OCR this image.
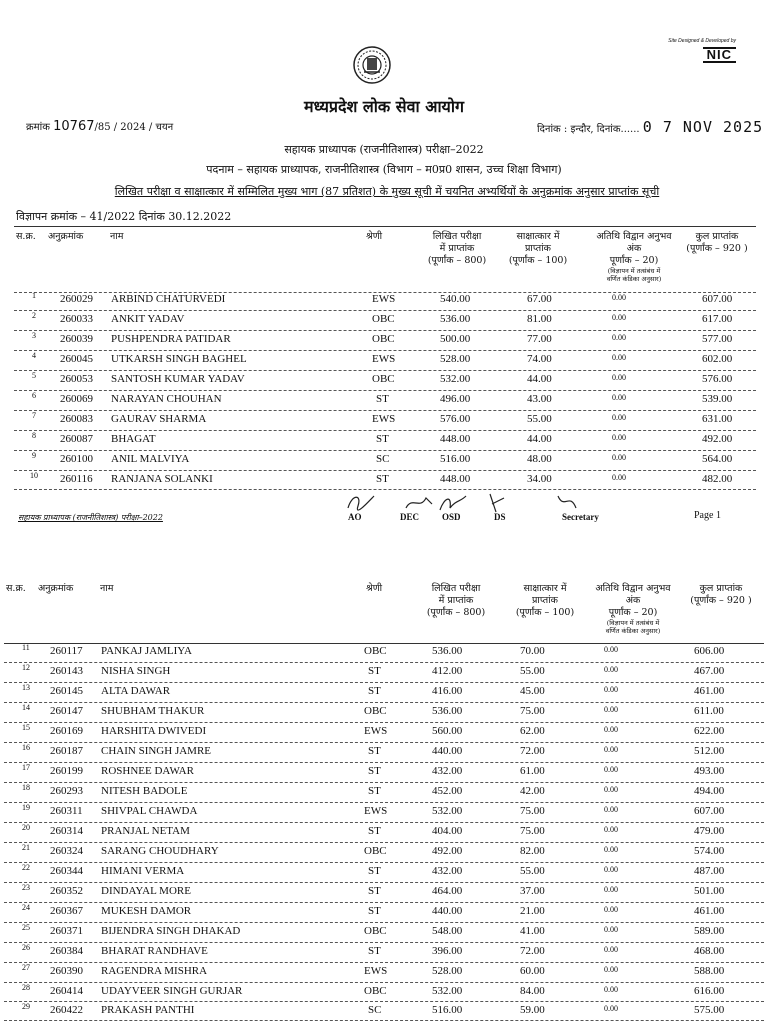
Site Designed & Developed by
NIC
मध्यप्रदेश लोक सेवा आयोग
क्रमांक 10767/85 / 2024 / चयन	दिनांक : इन्दौर, दिनांक...... 0 7 NOV 2025
सहायक प्राध्यापक (राजनीतिशास्त्र) परीक्षा–2022
पदनाम – सहायक प्राध्यापक, राजनीतिशास्त्र (विभाग – म0प्र0 शासन, उच्च शिक्षा विभाग)
लिखित परीक्षा व साक्षात्कार में सम्मिलित मुख्य भाग (87 प्रतिशत) के मुख्य सूची में चयनित अभ्यर्थियों के अनुक्रमांक अनुसार प्राप्तांक सूची
विज्ञापन क्रमांक – 41/2022 दिनांक 30.12.2022
स.क्र. अनुक्रमांक	नाम	श्रेणी	लिखित परीक्षा
में प्राप्तांक
(पूर्णांक – 800)
साक्षात्कार में
प्राप्तांक
(पूर्णांक – 100)
अतिथि विद्वान अनुभव
अंक
पूर्णांक – 20)
(विज्ञापन में तत्संबंध में
वर्णित कंडिका अनुसार)
कुल प्राप्तांक
(पूर्णांक – 920 )
1 260029 ARBIND CHATURVEDI	EWS	540.00	67.00	0.00	607.00
2 260033 ANKIT YADAV	OBC	536.00	81.00	0.00	617.00
3 260039 PUSHPENDRA PATIDAR	OBC	500.00	77.00	0.00	577.00
4 260045 UTKARSH SINGH BAGHEL	EWS	528.00	74.00	0.00	602.00
5 260053 SANTOSH KUMAR YADAV	OBC	532.00	44.00	0.00	576.00
6 260069 NARAYAN CHOUHAN	ST	496.00	43.00	0.00	539.00
7 260083 GAURAV SHARMA	EWS	576.00	55.00	0.00	631.00
8 260087 BHAGAT	ST	448.00	44.00	0.00	492.00
9 260100 ANIL MALVIYA	SC	516.00	48.00	0.00	564.00
10 260116 RANJANA SOLANKI	ST	448.00	34.00	0.00	482.00
सहायक प्राध्यापक (राजनीतिशास्त्र) परीक्षा–2022	AO	DEC	OSD	DS	Secretary	Page 1
स.क्र. अनुक्रमांक	नाम	श्रेणी	लिखित परीक्षा
में प्राप्तांक
(पूर्णांक – 800)
साक्षात्कार में
प्राप्तांक
(पूर्णांक – 100)
अतिथि विद्वान अनुभव
अंक
पूर्णांक – 20)
(विज्ञापन में तत्संबंध में
वर्णित कंडिका अनुसार)
कुल प्राप्तांक
(पूर्णांक – 920 )
11 260117 PANKAJ JAMLIYA	OBC	536.00	70.00	0.00	606.00
12 260143 NISHA SINGH	ST	412.00	55.00	0.00	467.00
13 260145 ALTA DAWAR	ST	416.00	45.00	0.00	461.00
14 260147 SHUBHAM THAKUR	OBC	536.00	75.00	0.00	611.00
15 260169 HARSHITA DWIVEDI	EWS	560.00	62.00	0.00	622.00
16 260187 CHAIN SINGH JAMRE	ST	440.00	72.00	0.00	512.00
17 260199 ROSHNEE DAWAR	ST	432.00	61.00	0.00	493.00
18 260293 NITESH BADOLE	ST	452.00	42.00	0.00	494.00
19 260311 SHIVPAL CHAWDA	EWS	532.00	75.00	0.00	607.00
20 260314 PRANJAL NETAM	ST	404.00	75.00	0.00	479.00
21 260324 SARANG CHOUDHARY	OBC	492.00	82.00	0.00	574.00
22 260344 HIMANI VERMA	ST	432.00	55.00	0.00	487.00
23 260352 DINDAYAL MORE	ST	464.00	37.00	0.00	501.00
24 260367 MUKESH DAMOR	ST	440.00	21.00	0.00	461.00
25 260371 BIJENDRA SINGH DHAKAD	OBC	548.00	41.00	0.00	589.00
26 260384 BHARAT RANDHAVE	ST	396.00	72.00	0.00	468.00
27 260390 RAGENDRA MISHRA	EWS	528.00	60.00	0.00	588.00
28 260414 UDAYVEER SINGH GURJAR	OBC	532.00	84.00	0.00	616.00
29 260422 PRAKASH PANTHI	SC	516.00	59.00	0.00	575.00
